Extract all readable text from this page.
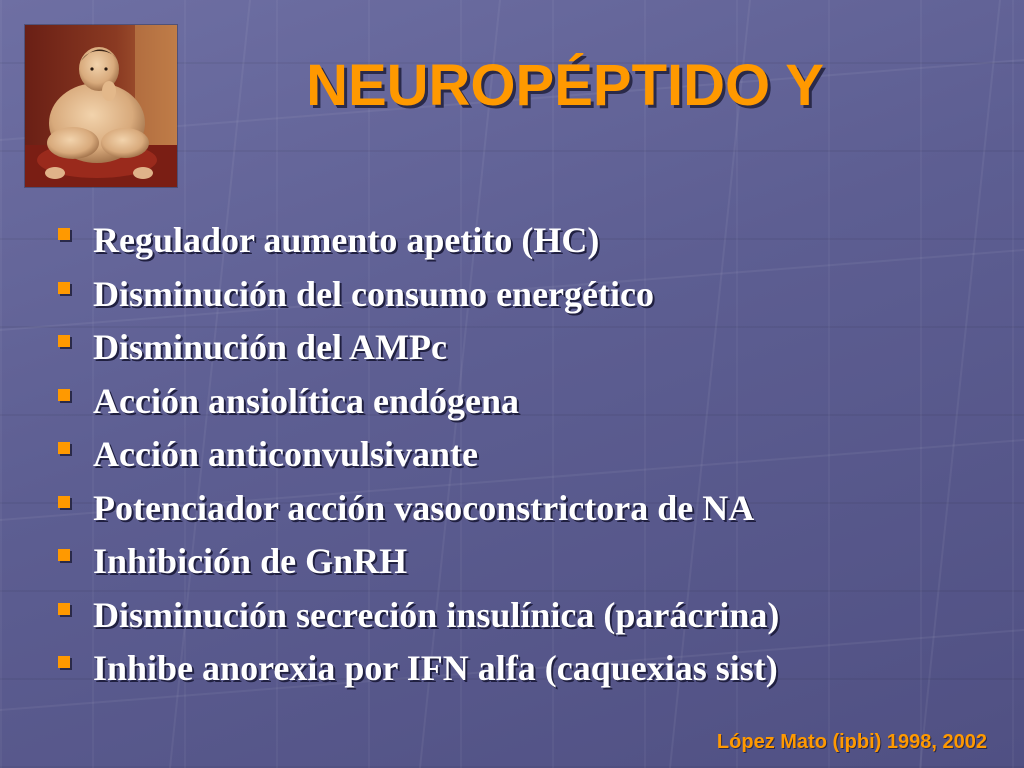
NEUROPÉPTIDO Y
Regulador aumento apetito (HC)
Disminución del consumo energético
Disminución del AMPc
Acción ansiolítica endógena
Acción anticonvulsivante
Potenciador acción vasoconstrictora de NA
Inhibición de GnRH
Disminución secreción insulínica (parácrina)
Inhibe anorexia por IFN alfa (caquexias sist)
López Mato (ipbi) 1998, 2002
